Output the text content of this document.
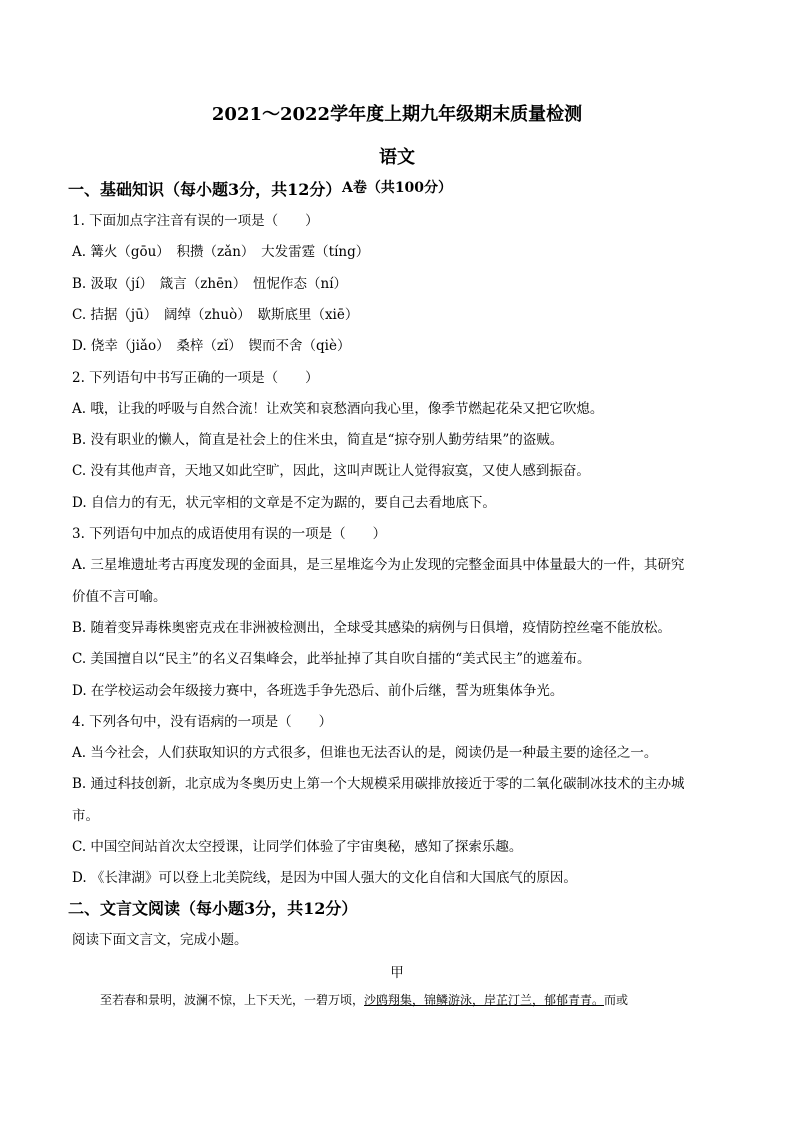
2021～2022学年度上期九年级期末质量检测
语文
A卷（共100分）
一、基础知识（每小题3分，共12分）
1. 下面加点字注音有误的一项是（　　）
A. 篝火（gōu）　积攒（zǎn）　大发雷霆（tíng）
B. 汲取（jí）　箴言（zhēn）　忸怩作态（ní）
C. 拮据（jū）　阔绰（zhuò）　歇斯底里（xiē）
D. 侥幸（jiǎo）　桑梓（zǐ）　锲而不舍（qiè）
2. 下列语句中书写正确的一项是（　　）
A. 哦，让我的呼吸与自然合流！让欢笑和哀愁酒向我心里，像季节燃起花朵又把它吹熄。
B. 没有职业的懒人，简直是社会上的住米虫，简直是“掠夺别人勤劳结果”的盗贼。
C. 没有其他声音，天地又如此空旷，因此，这叫声既让人觉得寂寞，又使人感到振奋。
D. 自信力的有无，状元宰相的文章是不定为踞的，要自己去看地底下。
3. 下列语句中加点的成语使用有误的一项是（　　）
A. 三星堆遗址考古再度发现的金面具，是三星堆迄今为止发现的完整金面具中体量最大的一件，其研究
价值不言可喻。
B. 随着变异毒株奥密克戎在非洲被检测出，全球受其感染的病例与日俱增，疫情防控丝毫不能放松。
C. 美国擅自以“民主”的名义召集峰会，此举扯掉了其自吹自擂的“美式民主”的遮羞布。
D. 在学校运动会年级接力赛中，各班选手争先恐后、前仆后继，誓为班集体争光。
4. 下列各句中，没有语病的一项是（　　）
A. 当今社会，人们获取知识的方式很多，但谁也无法否认的是，阅读仍是一种最主要的途径之一。
B. 通过科技创新，北京成为冬奥历史上第一个大规模采用碳排放接近于零的二氧化碳制冰技术的主办城
市。
C. 中国空间站首次太空授课，让同学们体验了宇宙奥秘，感知了探索乐趣。
D. 《长津湖》可以登上北美院线，是因为中国人强大的文化自信和大国底气的原因。
二、文言文阅读（每小题3分，共12分）
阅读下面文言文，完成小题。
甲
至若春和景明，波澜不惊，上下天光，一碧万顷，沙鸥翔集，锦鳞游泳，岸芷汀兰，郁郁青青。而或
